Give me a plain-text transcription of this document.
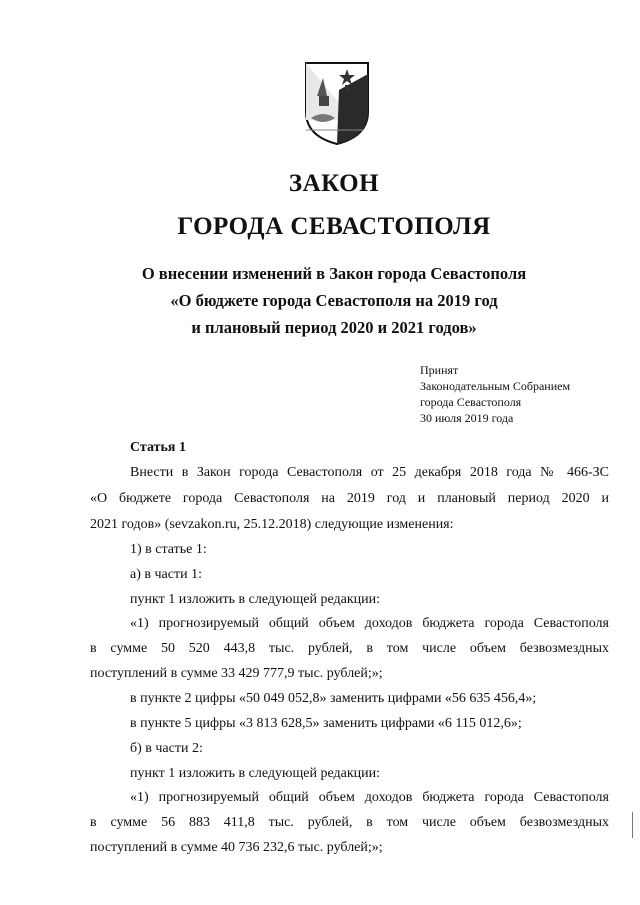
ЗАКОН
ГОРОДА СЕВАСТОПОЛЯ
О внесении изменений в Закон города Севастополя
«О бюджете города Севастополя на 2019 год
и плановый период 2020 и 2021 годов»
Принят
Законодательным Собранием
города Севастополя
30 июля 2019 года
Статья 1
Внести в Закон города Севастополя от 25 декабря 2018 года № 466-ЗС
«О бюджете города Севастополя на 2019 год и плановый период 2020 и
2021 годов» (sevzakon.ru, 25.12.2018) следующие изменения:
1) в статье 1:
а) в части 1:
пункт 1 изложить в следующей редакции:
«1) прогнозируемый общий объем доходов бюджета города Севастополя
в сумме 50 520 443,8 тыс. рублей, в том числе объем безвозмездных
поступлений в сумме 33 429 777,9 тыс. рублей;»;
в пункте 2 цифры «50 049 052,8» заменить цифрами «56 635 456,4»;
в пункте 5 цифры «3 813 628,5» заменить цифрами «6 115 012,6»;
б) в части 2:
пункт 1 изложить в следующей редакции:
«1) прогнозируемый общий объем доходов бюджета города Севастополя
в сумме 56 883 411,8 тыс. рублей, в том числе объем безвозмездных
поступлений в сумме 40 736 232,6 тыс. рублей;»;
